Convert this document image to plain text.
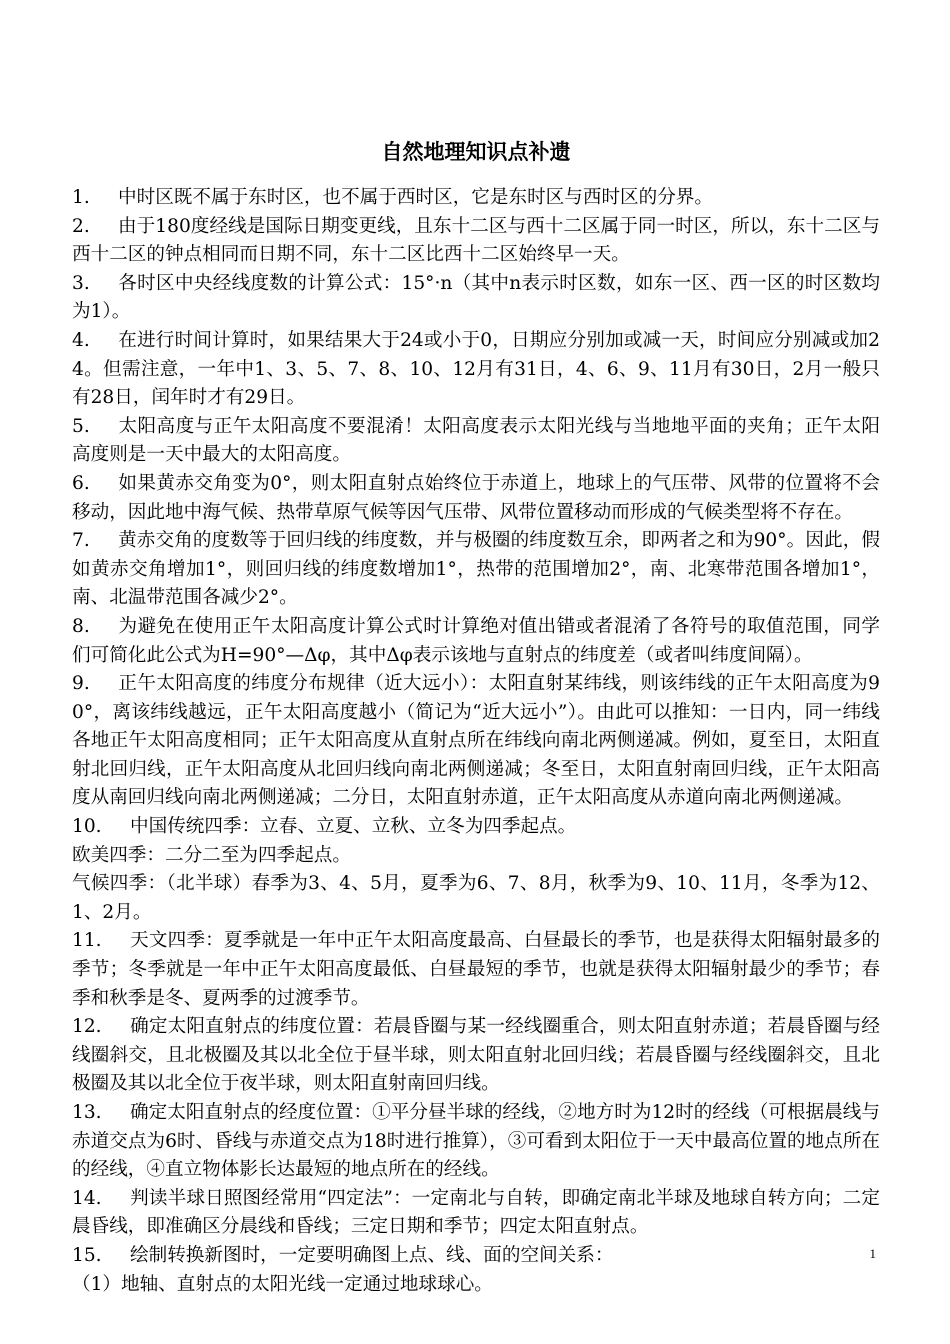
自然地理知识点补遗
1. 中时区既不属于东时区，也不属于西时区，它是东时区与西时区的分界。
2. 由于180度经线是国际日期变更线，且东十二区与西十二区属于同一时区，所以，东十二区与西十二区的钟点相同而日期不同，东十二区比西十二区始终早一天。
3. 各时区中央经线度数的计算公式：15°·n（其中n表示时区数，如东一区、西一区的时区数均为1）。
4. 在进行时间计算时，如果结果大于24或小于0，日期应分别加或减一天，时间应分别减或加24。但需注意，一年中1、3、5、7、8、10、12月有31日，4、6、9、11月有30日，2月一般只有28日，闰年时才有29日。
5. 太阳高度与正午太阳高度不要混淆！太阳高度表示太阳光线与当地地平面的夹角；正午太阳高度则是一天中最大的太阳高度。
6. 如果黄赤交角变为0°，则太阳直射点始终位于赤道上，地球上的气压带、风带的位置将不会移动，因此地中海气候、热带草原气候等因气压带、风带位置移动而形成的气候类型将不存在。
7. 黄赤交角的度数等于回归线的纬度数，并与极圈的纬度数互余，即两者之和为90°。因此，假如黄赤交角增加1°，则回归线的纬度数增加1°，热带的范围增加2°，南、北寒带范围各增加1°，南、北温带范围各减少2°。
8. 为避免在使用正午太阳高度计算公式时计算绝对值出错或者混淆了各符号的取值范围，同学们可简化此公式为H=90°—Δφ，其中Δφ表示该地与直射点的纬度差（或者叫纬度间隔）。
9. 正午太阳高度的纬度分布规律（近大远小）：太阳直射某纬线，则该纬线的正午太阳高度为90°，离该纬线越远，正午太阳高度越小（简记为“近大远小”）。由此可以推知：一日内，同一纬线各地正午太阳高度相同；正午太阳高度从直射点所在纬线向南北两侧递减。例如，夏至日，太阳直射北回归线，正午太阳高度从北回归线向南北两侧递减；冬至日，太阳直射南回归线，正午太阳高度从南回归线向南北两侧递减；二分日，太阳直射赤道，正午太阳高度从赤道向南北两侧递减。
10. 中国传统四季：立春、立夏、立秋、立冬为四季起点。
欧美四季：二分二至为四季起点。
气候四季：（北半球）春季为3、4、5月，夏季为6、7、8月，秋季为9、10、11月，冬季为12、1、2月。
11. 天文四季：夏季就是一年中正午太阳高度最高、白昼最长的季节，也是获得太阳辐射最多的季节；冬季就是一年中正午太阳高度最低、白昼最短的季节，也就是获得太阳辐射最少的季节；春季和秋季是冬、夏两季的过渡季节。
12. 确定太阳直射点的纬度位置：若晨昏圈与某一经线圈重合，则太阳直射赤道；若晨昏圈与经线圈斜交，且北极圈及其以北全位于昼半球，则太阳直射北回归线；若晨昏圈与经线圈斜交，且北极圈及其以北全位于夜半球，则太阳直射南回归线。
13. 确定太阳直射点的经度位置：①平分昼半球的经线，②地方时为12时的经线（可根据晨线与赤道交点为6时、昏线与赤道交点为18时进行推算），③可看到太阳位于一天中最高位置的地点所在的经线，④直立物体影长达最短的地点所在的经线。
14. 判读半球日照图经常用“四定法”：一定南北与自转，即确定南北半球及地球自转方向；二定晨昏线，即准确区分晨线和昏线；三定日期和季节；四定太阳直射点。
15. 绘制转换新图时，一定要明确图上点、线、面的空间关系：
（1）地轴、直射点的太阳光线一定通过地球球心。
1
